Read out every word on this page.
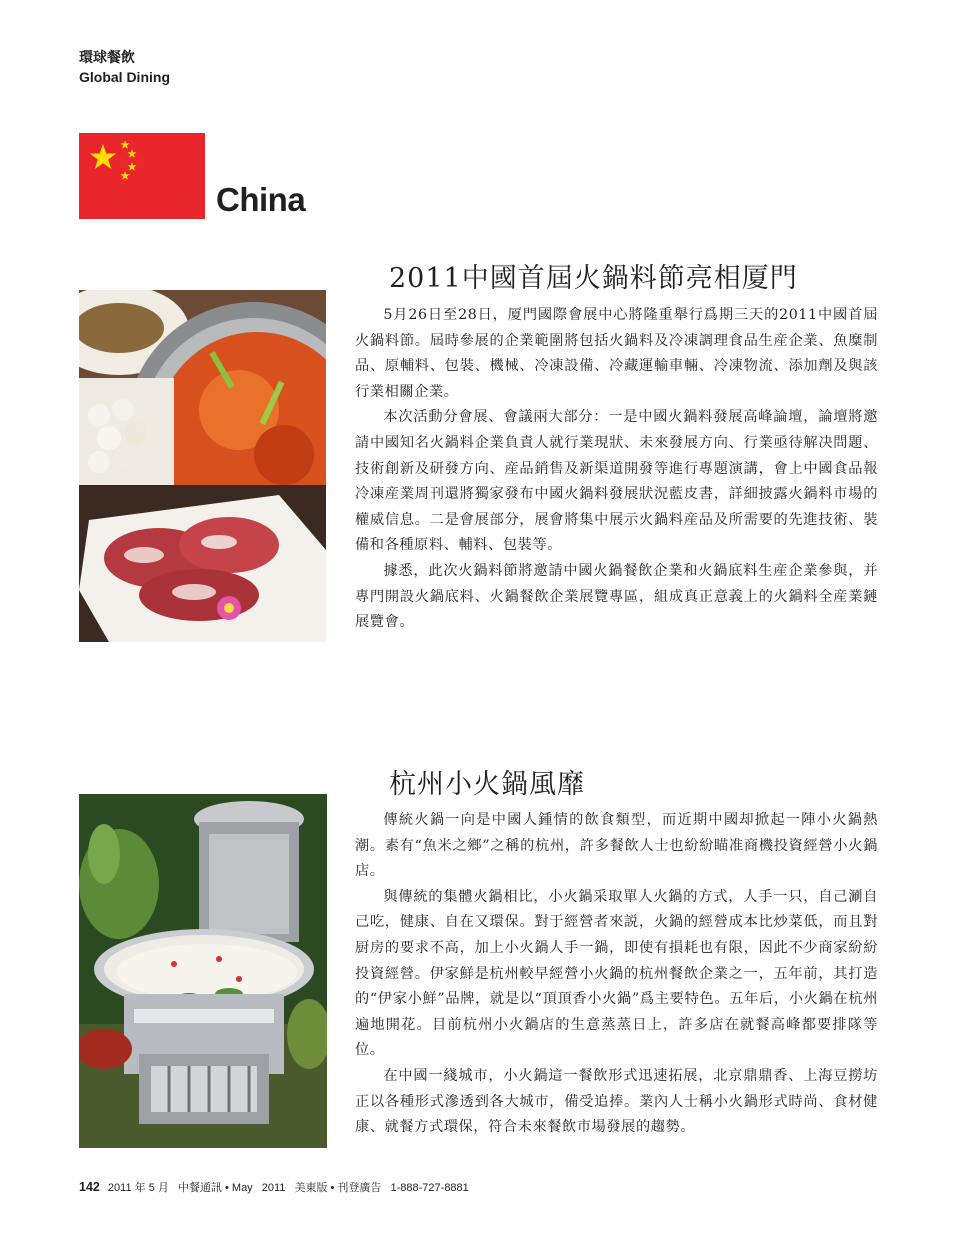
環球餐飲
Global Dining
China
2011中國首屆火鍋料節亮相厦門

5月26日至28日，厦門國際會展中心將隆重舉行爲期三天的2011中國首屆火鍋料節。屆時參展的企業範圍將包括火鍋料及冷凍調理食品生産企業、魚糜制品、原輔料、包裝、機械、冷凍設備、冷藏運輸車輛、冷凍物流、添加劑及與該行業相關企業。

本次活動分會展、會議兩大部分：一是中國火鍋料發展高峰論壇，論壇將邀請中國知名火鍋料企業負責人就行業現狀、未來發展方向、行業亟待解决問題、技術創新及研發方向、産品銷售及新渠道開發等進行專題演講，會上中國食品報冷凍産業周刊還將獨家發布中國火鍋料發展狀況藍皮書，詳細披露火鍋料市場的權威信息。二是會展部分，展會將集中展示火鍋料産品及所需要的先進技術、裝備和各種原料、輔料、包裝等。

據悉，此次火鍋料節將邀請中國火鍋餐飲企業和火鍋底料生産企業參與，并專門開設火鍋底料、火鍋餐飲企業展覽專區，組成真正意義上的火鍋料全産業鏈展覽會。

杭州小火鍋風靡

傳統火鍋一向是中國人鍾情的飲食類型，而近期中國却掀起一陣小火鍋熱潮。素有“魚米之鄉”之稱的杭州，許多餐飲人士也紛紛瞄准商機投資經營小火鍋店。

與傳統的集體火鍋相比，小火鍋采取單人火鍋的方式，人手一只，自己涮自己吃，健康、自在又環保。對于經營者來説，火鍋的經營成本比炒菜低，而且對厨房的要求不高，加上小火鍋人手一鍋，即使有損耗也有限，因此不少商家紛紛投資經營。伊家鮮是杭州較早經營小火鍋的杭州餐飲企業之一，五年前，其打造的“伊家小鮮”品牌，就是以“頂頂香小火鍋”爲主要特色。五年后，小火鍋在杭州遍地開花。目前杭州小火鍋店的生意蒸蒸日上，許多店在就餐高峰都要排隊等位。

在中國一綫城市，小火鍋這一餐飲形式迅速拓展，北京鼎鼎香、上海豆撈坊正以各種形式滲透到各大城市，備受追捧。業內人士稱小火鍋形式時尚、食材健康、就餐方式環保，符合未來餐飲市場發展的趨勢。

142 2011 年 5 月 中餐通訊 • May 2011 美東版 • 刊登廣告 1-888-727-8881
